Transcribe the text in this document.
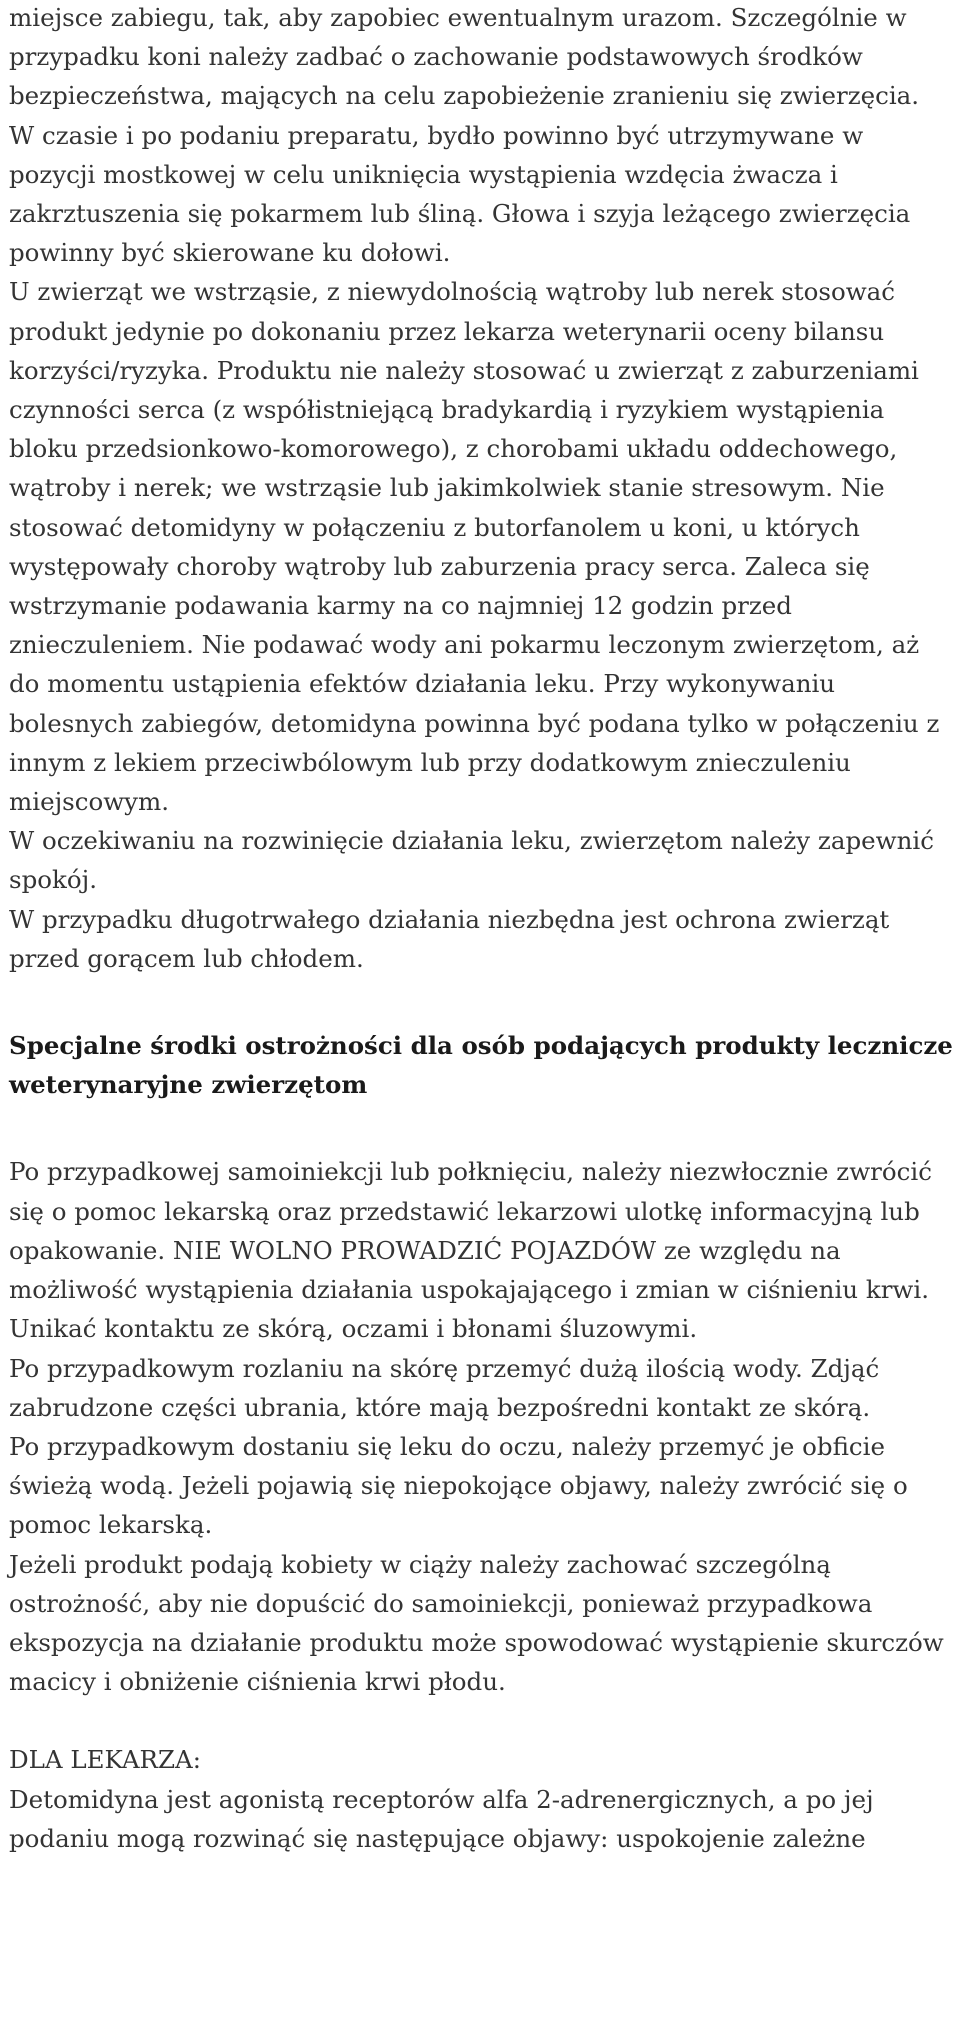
miejsce zabiegu, tak, aby zapobiec ewentualnym urazom. Szczególnie w przypadku koni należy zadbać o zachowanie podstawowych środków bezpieczeństwa, mających na celu zapobieżenie zranieniu się zwierzęcia.

W czasie i po podaniu preparatu, bydło powinno być utrzymywane w pozycji mostkowej w celu uniknięcia wystąpienia wzdęcia żwacza i zakrztuszenia się pokarmem lub śliną. Głowa i szyja leżącego zwierzęcia powinny być skierowane ku dołowi.

U zwierząt we wstrząsie, z niewydolnością wątroby lub nerek stosować produkt jedynie po dokonaniu przez lekarza weterynarii oceny bilansu korzyści/ryzyka. Produktu nie należy stosować u zwierząt z zaburzeniami czynności serca (z współistniejącą bradykardią i ryzykiem wystąpienia bloku przedsionkowo-komorowego), z chorobami układu oddechowego, wątroby i nerek; we wstrząsie lub jakimkolwiek stanie stresowym. Nie stosować detomidyny w połączeniu z butorfanolem u koni, u których występowały choroby wątroby lub zaburzenia pracy serca. Zaleca się wstrzymanie podawania karmy na co najmniej 12 godzin przed znieczuleniem. Nie podawać wody ani pokarmu leczonym zwierzętom, aż do momentu ustąpienia efektów działania leku. Przy wykonywaniu bolesnych zabiegów, detomidyna powinna być podana tylko w połączeniu z innym z lekiem przeciwbólowym lub przy dodatkowym znieczuleniu miejscowym.

W oczekiwaniu na rozwinięcie działania leku, zwierzętom należy zapewnić spokój.

W przypadku długotrwałego działania niezbędna jest ochrona zwierząt przed gorącem lub chłodem.

Specjalne środki ostrożności dla osób podających produkty lecznicze weterynaryjne zwierzętom

Po przypadkowej samoiniekcji lub połknięciu, należy niezwłocznie zwrócić się o pomoc lekarską oraz przedstawić lekarzowi ulotkę informacyjną lub opakowanie. NIE WOLNO PROWADZIĆ POJAZDÓW ze względu na możliwość wystąpienia działania uspokajającego i zmian w ciśnieniu krwi.

Unikać kontaktu ze skórą, oczami i błonami śluzowymi.

Po przypadkowym rozlaniu na skórę przemyć dużą ilością wody. Zdjąć zabrudzone części ubrania, które mają bezpośredni kontakt ze skórą.

Po przypadkowym dostaniu się leku do oczu, należy przemyć je obficie świeżą wodą. Jeżeli pojawią się niepokojące objawy, należy zwrócić się o pomoc lekarską.

Jeżeli produkt podają kobiety w ciąży należy zachować szczególną ostrożność, aby nie dopuścić do samoiniekcji, ponieważ przypadkowa ekspozycja na działanie produktu może spowodować wystąpienie skurczów macicy i obniżenie ciśnienia krwi płodu.

DLA LEKARZA:

Detomidyna jest agonistą receptorów alfa 2-adrenergicznych, a po jej podaniu mogą rozwinąć się następujące objawy: uspokojenie zależne
